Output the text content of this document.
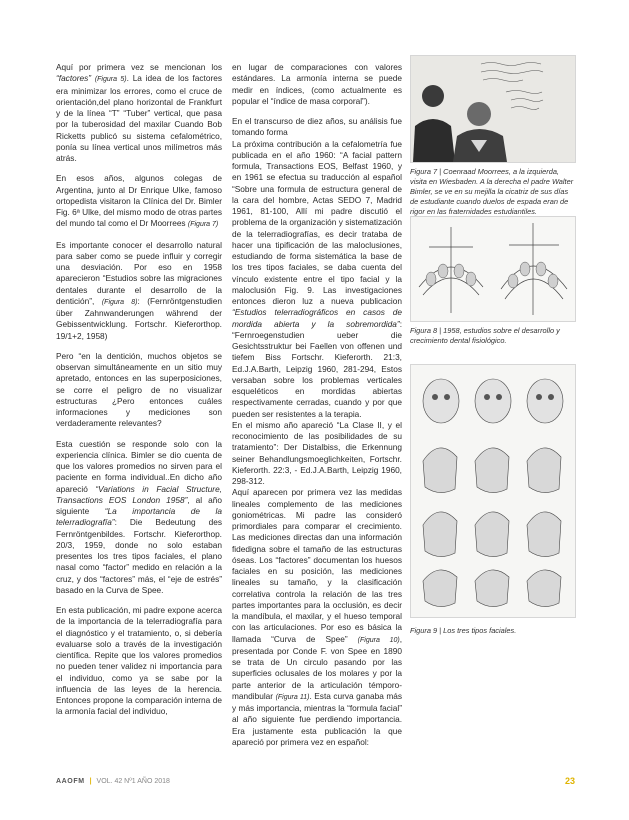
Aquí por primera vez se mencionan los “factores” (Figura 5). La idea de los factores era minimizar los errores, como el cruce de orientación,del plano horizontal de Frankfurt y de la línea “T” “Tuber” vertical, que pasa por la tuberosidad del maxilar Cuando Bob Ricketts publicó su sistema cefalométrico, ponía su línea vertical unos milímetros más atrás.

En esos años, algunos colegas de Argentina, junto al Dr Enrique Ulke, famoso ortopedista visitaron la Clínica del Dr. Bimler Fig. 6ª Ulke, del mismo modo de otras partes del mundo tal como el Dr Moorrees (Figura 7)

Es importante conocer el desarrollo natural para saber como se puede influir y corregir una desviación. Por eso en 1958 aparecieron “Estudios sobre las migraciones dentales durante el desarrollo de la dentición”, (Figura 8): (Fernröntgenstudien über Zahnwanderungen während der Gebissentwicklung. Fortschr. Kieferorthop. 19/1+2, 1958)

Pero “en la dentición, muchos objetos se observan simultáneamente en un sitio muy apretado, entonces en las superposiciones, se corre el peligro de no visualizar estructuras ¿Pero entonces cuáles informaciones y mediciones son verdaderamente relevantes?

Esta cuestión se responde solo con la experiencia clínica. Bimler se dio cuenta de que los valores promedios no sirven para el paciente en forma individual..En dicho año apareció “Variations in Facial Structure, Transactions EOS London 1958”, al año siguiente “La importancia de la telerradiografía”: Die Bedeutung des Fernröntgenbildes. Fortschr. Kieferorthop. 20/3, 1959, donde no solo estaban presentes los tres tipos faciales, el plano nasal como “factor” medido en relación a la cruz, y dos “factores” más, el “eje de estrés” basado en la Curva de Spee.

En esta publicación, mi padre expone acerca de la importancia de la telerradiografía para el diagnóstico y el tratamiento, o, si debería evaluarse solo a través de la investigación científica. Repite que los valores promedios no pueden tener validez ni importancia para el individuo, como ya se sabe por la influencia de las leyes de la herencia. Entonces propone la comparación interna de la armonía facial del individuo,

en lugar de comparaciones con valores estándares. La armonía interna se puede medir en índices, (como actualmente es popular el “índice de masa corporal”).

En el transcurso de diez años, su análisis fue tomando forma

La próxima contribución a la cefalometría fue publicada en el año 1960: “A facial pattern formula, Transactions EOS, Belfast 1960, y en 1961 se efectua su traducción al español “Sobre una formula de estructura general de la cara del hombre, Actas SEDO 7, Madrid 1961, 81-100, Allí mi padre discutió el problema de la organización y sistematización de la telerradiografías, es decir trataba de hacer una tipificación de las maloclusiones, estudiando de forma sistemática la base de los tres tipos faciales, se daba cuenta del vínculo existente entre el tipo facial y la maloclusión Fig. 9. Las investigaciones entonces dieron luz a nueva publicacion “Estudios telerradiográficos en casos de mordida abierta y la sobremordida”: “Fernroegenstudien ueber die Gesichtsstruktur bei Faellen von offenen und tiefem Biss Fortschr. Kieferorth. 21:3, Ed.J.A.Barth, Leipzig 1960, 281-294, Estos versaban sobre los problemas verticales esqueléticos en mordidas abiertas respectivamente cerradas, cuando y por que pueden ser resistentes a la terapia.

En el mismo año apareció “La Clase II, y el reconocimiento de las posibilidades de su tratamiento”: Der Distalbiss, die Erkennung seiner Behandlungsmoeglichkeiten, Fortschr. Kieferorth. 22:3, - Ed.J.A.Barth, Leipzig 1960, 298-312.

Aquí aparecen por primera vez las medidas lineales complemento de las mediciones goniométricas. Mi padre las consideró primordiales para comparar el crecimiento. Las mediciones directas dan una información fidedigna sobre el tamaño de las estructuras óseas. Los “factores” documentan los huesos faciales en su posición, las mediciones lineales su tamaño, y la clasificación correlativa controla la relación de las tres partes importantes para la occlusión, es decir la mandíbula, el maxilar, y el hueso temporal con las articulaciones. Por eso es básica la llamada “Curva de Spee” (Figura 10), presentada por Conde F. von Spee en 1890 se trata de Un circulo pasando por las superficies oclusales de los molares y por la parte anterior de la articulación témporo-mandibular (Figura 11). Esta curva ganaba más y más importancia, mientras la “formula facial” al año siguiente fue perdiendo importancia. Era justamente esta publicación la que apareció por primera vez en español:

Figura 7 | Coenraad Moorrees, a la izquierda, visita en Wiesbaden. A la derecha el padre Walter Bimler, se ve en su mejilla la cicatriz de sus días de estudiante cuando duelos de espada eran de rigor en las fraternidades estudiantiles.
Figura 8 | 1958, estudios sobre el desarrollo y crecimiento dental fisiológico.
Figura 9 | Los tres tipos faciales.
AAOFM | VOL. 42 Nº1 AÑO 2018	23
